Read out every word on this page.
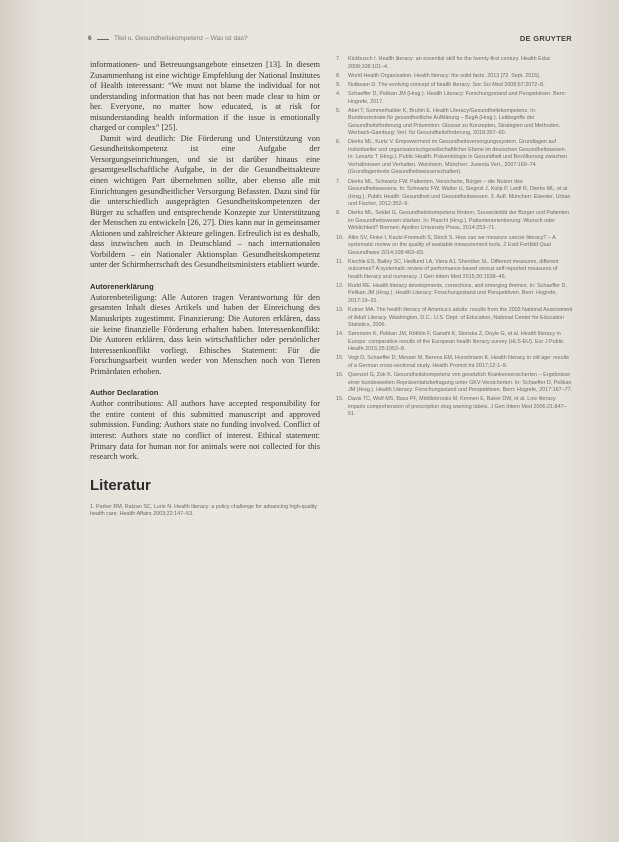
6	Titel u. Gesundheitskompetenz – Was ist das?	DE GRUYTER

informationen- und Betreuungsangebote einsetzen [13]. In diesem Zusammenhang ist eine wichtige Empfehlung der National Institutes of Health interessant: “We must not blame the individual for not understanding information that has not been made clear to him or her. Everyone, no matter how educated, is at risk for misunderstanding health information if the issue is emotionally charged or complex” [25].

Damit wird deutlich: Die Förderung und Unterstützung von Gesundheitskompetenz ist eine Aufgabe der Versorgungseinrichtungen, und sie ist darüber hinaus eine gesamtgesellschaftliche Aufgabe, in der die Gesundheitsakteure einen wichtigen Part übernehmen sollte, aber ebenso alle mit Einrichtungen gesundheitlicher Versorgung Befassten. Dazu sind für die unterschiedlich ausgeprägten Gesundheitskompetenzen der Bürger zu schaffen und entsprechende Konzepte zur Unterstützung der Menschen zu entwickeln [26, 27]. Dies kann nur in gemeinsamer Aktionen und zahlreicher Akteure gelingen. Erfreulich ist es deshalb, dass inzwischen auch in Deutschland – nach internationalen Vorbildern – ein Nationaler Aktionsplan Gesundheitskompetenz unter der Schirmherrschaft des Gesundheitsministers etabliert wurde.

Autorenerklärung

Autorenbeteiligung: Alle Autoren tragen Verantwortung für den gesamten Inhalt dieses Artikels und haben der Einreichung des Manuskripts zugestimmt. Finanzierung: Die Autoren erklären, dass sie keine finanzielle Förderung erhalten haben. Interessenkonflikt: Die Autoren erklären, dass kein wirtschaftlicher oder persönlicher Interessenkonflikt vorliegt. Ethisches Statement: Für die Forschungsarbeit wurden weder von Menschen noch von Tieren Primärdaten erhoben.

Author Declaration

Author contributions: All authors have accepted responsibility for the entire content of this submitted manuscript and approved submission. Funding: Authors state no funding involved. Conflict of interest: Authors state no conflict of interest. Ethical statement: Primary data for human nor for animals were not collected for this research work.

Literatur
1. Parker RM, Ratzan SC, Lurie N. Health literacy: a policy challenge for advancing high-quality health care. Health Affairs 2003;22:147–53.
7.	Kickbusch I. Health literacy: an essential skill for the twenty-first century. Health Educ 2008;108:101–4.
8.	World Health Organization. Health literacy: the solid facts. 2013 [72. Sept. 2015].
9.	Nutbeam D. The evolving concept of health literacy. Soc Sci Med 2008;67:2072–8.
4.	Schaeffer D, Pelikan JM (Hrsg.). Health Literacy: Forschungsstand und Perspektiven. Bern: Hogrefe, 2017.
5.	Abel T, Sommerhalder K, Bruhin E. Health Literacy/Gesundheitskompetenz. In: Bundeszentrale für gesundheitliche Aufklärung – BzgA (Hrsg.). Leitbegriffe der Gesundheitsförderung und Prävention: Glossar zu Konzepten, Strategien und Methoden. Werbach-Gamburg: Verl. für Gesundheitsförderung, 2018:357–60.
6.	Dierks ML, Kurtz V. Empowerment im Gesundheitsversorgungssystem. Grundlagen auf Individueller und organisatorischgesellschaftlicher Ebene im deutschen Gesundheitswesen. In: Lenartz T (Hrsg.). Public Health: Präventologie in Gesundheit und Bevölkerung zwischen Verhältnissen und Verhalten. Weinheim, München: Juventa Verl., 2007:160–74 (Grundlagentexte Gesundheitswissenschaften).
7.	Dierks ML, Schwartz FW. Patienten, Versicherte, Bürger – die Nutzer des Gesundheitswesens. In: Schwartz FW, Walter U, Siegrist J, Kolip P, Leidl R, Dierks ML, et al. (Hrsg.). Public Health: Gesundheit und Gesundheitswesen. 3. Aufl. München: Elsevier, Urban und Fischer, 2012:352–9.
8.	Dierks ML, Seidel G. Gesundheitskompetenz fördern, Souveränität der Bürger und Patienten im Gesundheitswesen stärken. In: Plaschl (Hrsg.). Patientenorientierung: Wunsch oder Wirklichkeit? Bremen: Apollon University Press, 2014:253–71.
10. Altin SV, Finke I, Kautz-Freimuth S, Stock S. How can we measure cancer literacy? – A systematic review on the quality of available measurement tools. Z Evid Fortbild Qual Gesundhwes 2014;108:463–83.
11. Kiechle ES, Bailey SC, Hedlund LA, Viera AJ, Sheridan SL. Different measures, different outcomes? A systematic review of performance-based versus self-reported measures of health literacy and numeracy. J Gen Intern Med 2015;30:1538–46.
12. Rudd RE. Health literacy developments, corrections, and emerging themes. In: Schaeffer D, Pelikan JM (Hrsg.). Health Literacy: Forschungsstand und Perspektiven. Bern: Hogrefe, 2017:19–31.
13. Kutner MA. The health literacy of America’s adults: results from the 2003 National Assessment of Adult Literacy. Washington, D.C.: U.S. Dept. of Education, National Center for Education Statistics, 2006.
14. Sørensen K, Pelikan JM, Röthlin F, Ganahl K, Slonska Z, Doyle G, et al. Health literacy in Europe: comparative results of the European health literacy survey (HLS-EU). Eur J Public Health 2015;25:1053–8.
15. Vogt D, Schaeffer D, Messer M, Berens EM, Hurrelmann K. Health literacy in old age: results of a German cross-sectional study. Health Promot Int 2017;12:1–9.
16. Quenzel G, Zok K. Gesundheitskompetenz von gesetzlich Krankenversicherten – Ergebnisse einer bundesweiten Repräsentativbefragung unter GKV-Versicherten. In: Schaeffer D, Pelikan JM (Hrsg.). Health Literacy: Forschungsstand und Perspektiven. Bern: Hogrefe, 2017:167–77.
15. Davis TC, Wolf MS, Bass PF, Middlebrooks M, Kennen E, Baker DW, et al. Low literacy impairs comprehension of prescription drug warning labels. J Gen Intern Med 2006;21:847–51.
